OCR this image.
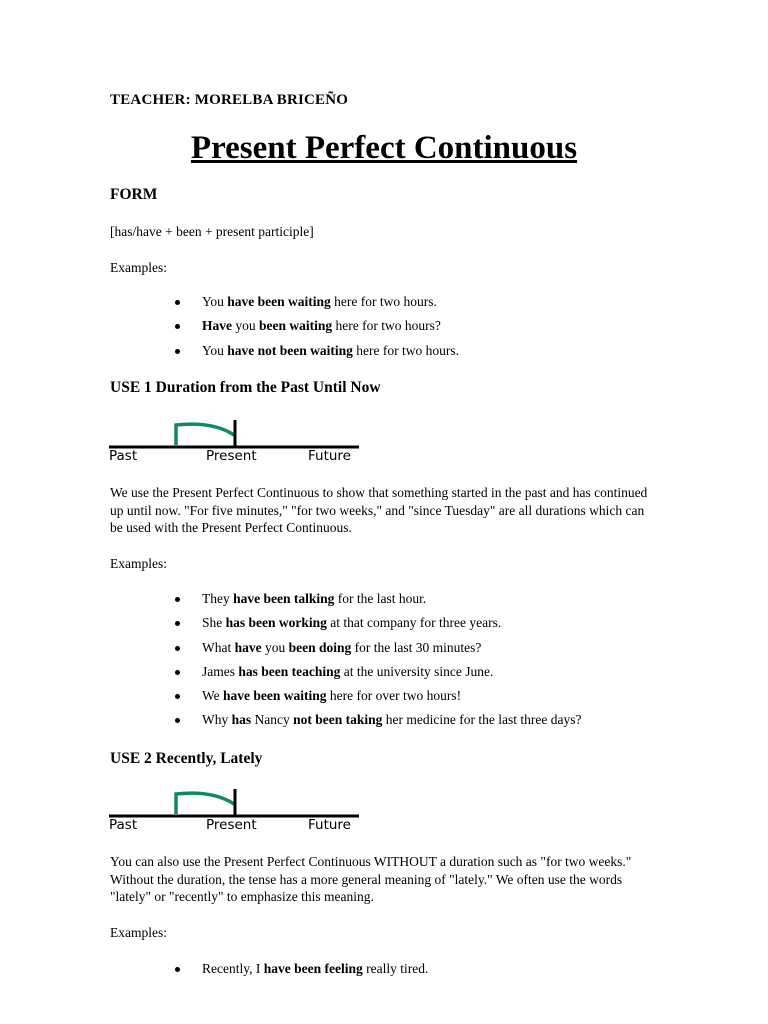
TEACHER: MORELBA BRICEÑO
Present Perfect Continuous
FORM

[has/have + been + present participle]

Examples:

You have been waiting here for two hours.
Have you been waiting here for two hours?
You have not been waiting here for two hours.
USE 1 Duration from the Past Until Now
Past	Present	Future

We use the Present Perfect Continuous to show that something started in the past and has continued up until now. "For five minutes," "for two weeks," and "since Tuesday" are all durations which can be used with the Present Perfect Continuous.

Examples:

They have been talking for the last hour.
She has been working at that company for three years.
What have you been doing for the last 30 minutes?
James has been teaching at the university since June.
We have been waiting here for over two hours!
Why has Nancy not been taking her medicine for the last three days?
USE 2 Recently, Lately
Past	Present	Future

You can also use the Present Perfect Continuous WITHOUT a duration such as "for two weeks." Without the duration, the tense has a more general meaning of "lately." We often use the words "lately" or "recently" to emphasize this meaning.

Examples:

Recently, I have been feeling really tired.
